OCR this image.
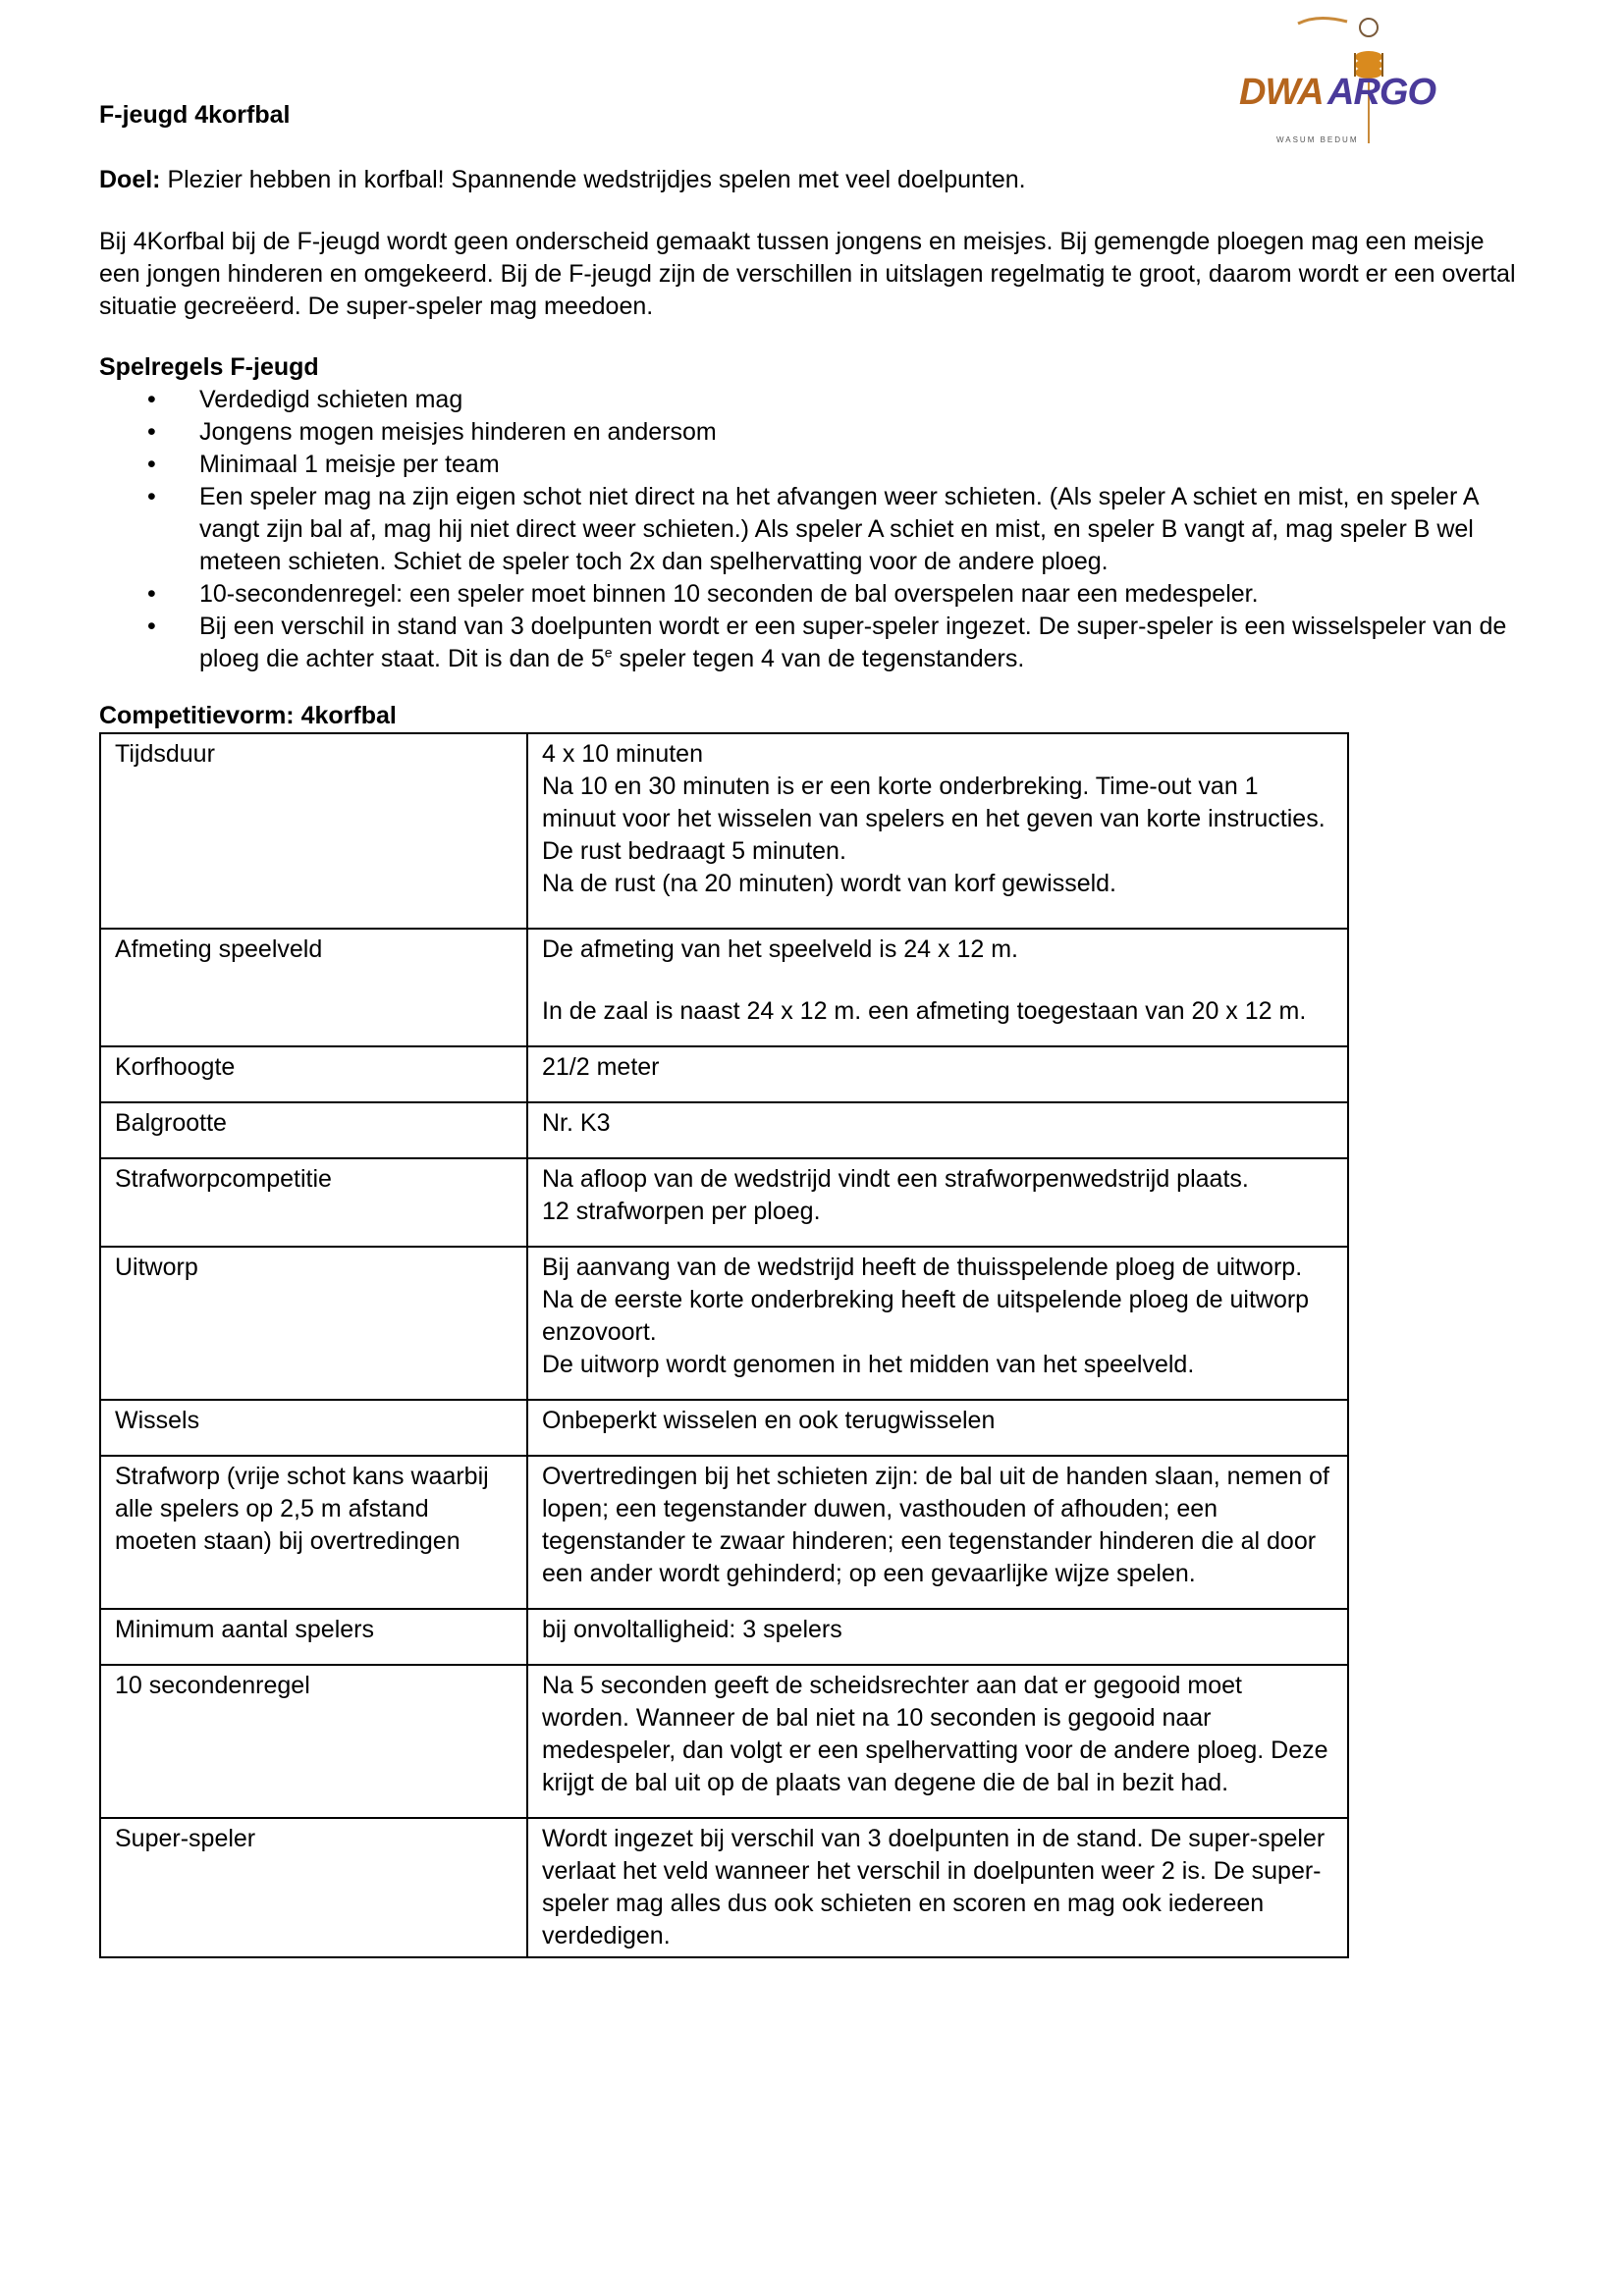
DWA ARGO
WASUM BEDUM
F-jeugd 4korfbal
Doel: Plezier hebben in korfbal! Spannende wedstrijdjes spelen met veel doelpunten.
Bij 4Korfbal bij de F-jeugd wordt geen onderscheid gemaakt tussen jongens en meisjes. Bij gemengde ploegen mag een meisje een jongen hinderen en omgekeerd. Bij de F-jeugd zijn de verschillen in uitslagen regelmatig te groot, daarom wordt er een overtal situatie gecreëerd. De super-speler mag meedoen.
Spelregels F-jeugd
• Verdedigd schieten mag
• Jongens mogen meisjes hinderen en andersom
• Minimaal 1 meisje per team
• Een speler mag na zijn eigen schot niet direct na het afvangen weer schieten. (Als speler A schiet en mist, en speler A vangt zijn bal af, mag hij niet direct weer schieten.) Als speler A schiet en mist, en speler B vangt af, mag speler B wel meteen schieten. Schiet de speler toch 2x dan spelhervatting voor de andere ploeg.
• 10-secondenregel: een speler moet binnen 10 seconden de bal overspelen naar een medespeler.
• Bij een verschil in stand van 3 doelpunten wordt er een super-speler ingezet. De super-speler is een wisselspeler van de ploeg die achter staat. Dit is dan de 5e speler tegen 4 van de tegenstanders.
Competitievorm: 4korfbal
Tijdsduur	4 x 10 minuten
Na 10 en 30 minuten is er een korte onderbreking. Time-out van 1 minuut voor het wisselen van spelers en het geven van korte instructies.
De rust bedraagt 5 minuten.
Na de rust (na 20 minuten) wordt van korf gewisseld.

Afmeting speelveld	De afmeting van het speelveld is 24 x 12 m.
In de zaal is naast 24 x 12 m. een afmeting toegestaan van 20 x 12 m.

Korfhoogte	21/2 meter

Balgrootte	Nr. K3

Strafworpcompetitie	Na afloop van de wedstrijd vindt een strafworpenwedstrijd plaats.
12 strafworpen per ploeg.

Uitworp	Bij aanvang van de wedstrijd heeft de thuisspelende ploeg de uitworp. Na de eerste korte onderbreking heeft de uitspelende ploeg de uitworp enzovoort.
De uitworp wordt genomen in het midden van het speelveld.

Wissels	Onbeperkt wisselen en ook terugwisselen

Strafworp (vrije schot kans waarbij alle spelers op 2,5 m afstand moeten staan) bij overtredingen	Overtredingen bij het schieten zijn: de bal uit de handen slaan, nemen of lopen; een tegenstander duwen, vasthouden of afhouden; een tegenstander te zwaar hinderen; een tegenstander hinderen die al door een ander wordt gehinderd; op een gevaarlijke wijze spelen.

Minimum aantal spelers	bij onvoltalligheid: 3 spelers

10 secondenregel	Na 5 seconden geeft de scheidsrechter aan dat er gegooid moet worden. Wanneer de bal niet na 10 seconden is gegooid naar medespeler, dan volgt er een spelhervatting voor de andere ploeg. Deze krijgt de bal uit op de plaats van degene die de bal in bezit had.

Super-speler	Wordt ingezet bij verschil van 3 doelpunten in de stand. De super-speler verlaat het veld wanneer het verschil in doelpunten weer 2 is. De super-speler mag alles dus ook schieten en scoren en mag ook iedereen verdedigen.
